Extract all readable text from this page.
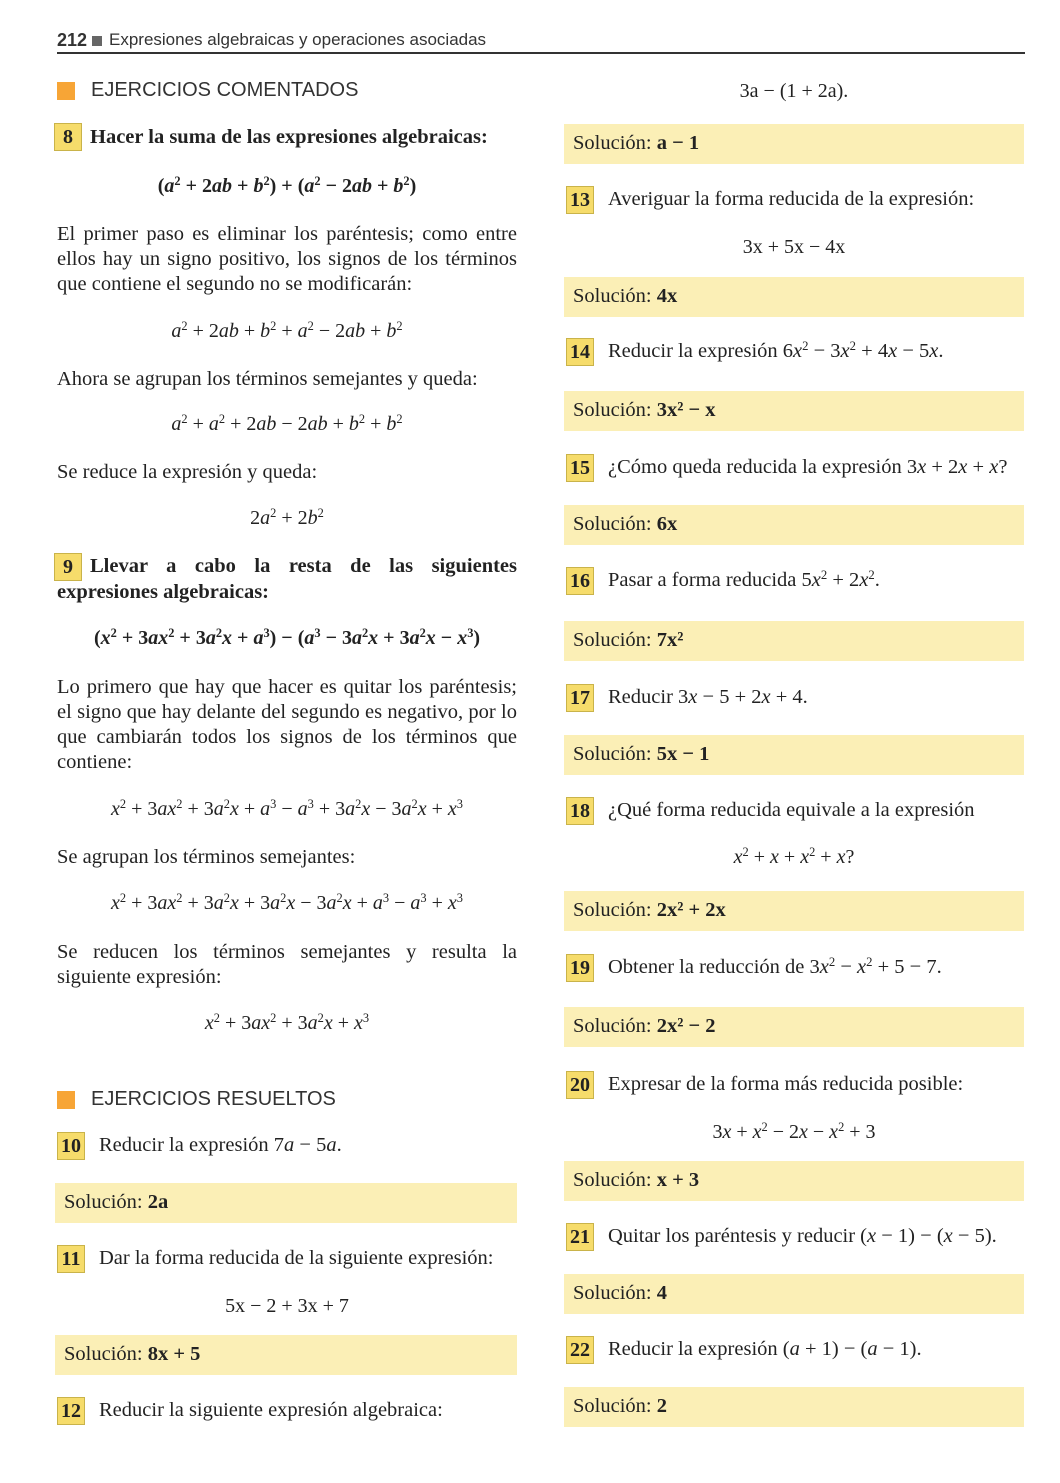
212 Expresiones algebraicas y operaciones asociadas
EJERCICIOS COMENTADOS
8 Hacer la suma de las expresiones algebraicas:
$(a^2 + 2ab + b^2) + (a^2 - 2ab + b^2)$
El primer paso es eliminar los paréntesis; como entre ellos hay un signo positivo, los signos de los términos que contiene el segundo no se modificarán:
$a^2 + 2ab + b^2 + a^2 - 2ab + b^2$
Ahora se agrupan los términos semejantes y queda:
$a^2 + a^2 + 2ab - 2ab + b^2 + b^2$
Se reduce la expresión y queda:
$2a^2 + 2b^2$
9 Llevar a cabo la resta de las siguientes expresiones algebraicas:
$(x^2 + 3ax^2 + 3a^2x + a^3) - (a^3 - 3a^2x + 3a^2x - x^3)$
Lo primero que hay que hacer es quitar los paréntesis; el signo que hay delante del segundo es negativo, por lo que cambiarán todos los signos de los términos que contiene:
$x^2 + 3ax^2 + 3a^2x + a^3 - a^3 + 3a^2x - 3a^2x + x^3$
Se agrupan los términos semejantes:
$x^2 + 3ax^2 + 3a^2x + 3a^2x - 3a^2x + a^3 - a^3 + x^3$
Se reducen los términos semejantes y resulta la siguiente expresión:
$x^2 + 3ax^2 + 3a^2x + x^3$
EJERCICIOS RESUELTOS
10 Reducir la expresión 7a − 5a.
Solución: 2a
11 Dar la forma reducida de la siguiente expresión:
5x − 2 + 3x + 7
Solución: 8x + 5
12 Reducir la siguiente expresión algebraica:
3a − (1 + 2a).
Solución: a − 1
13 Averiguar la forma reducida de la expresión:
3x + 5x − 4x
Solución: 4x
14 Reducir la expresión $6x^2 - 3x^2 + 4x - 5x$.
Solución: 3x² − x
15 ¿Cómo queda reducida la expresión 3x + 2x + x?
Solución: 6x
16 Pasar a forma reducida $5x^2 + 2x^2$.
Solución: 7x²
17 Reducir 3x − 5 + 2x + 4.
Solución: 5x − 1
18 ¿Qué forma reducida equivale a la expresión
$x^2 + x + x^2 + x$?
Solución: 2x² + 2x
19 Obtener la reducción de $3x^2 - x^2 + 5 - 7$.
Solución: 2x² − 2
20 Expresar de la forma más reducida posible:
$3x + x^2 - 2x - x^2 + 3$
Solución: x + 3
21 Quitar los paréntesis y reducir (x − 1) − (x − 5).
Solución: 4
22 Reducir la expresión (a + 1) − (a − 1).
Solución: 2
